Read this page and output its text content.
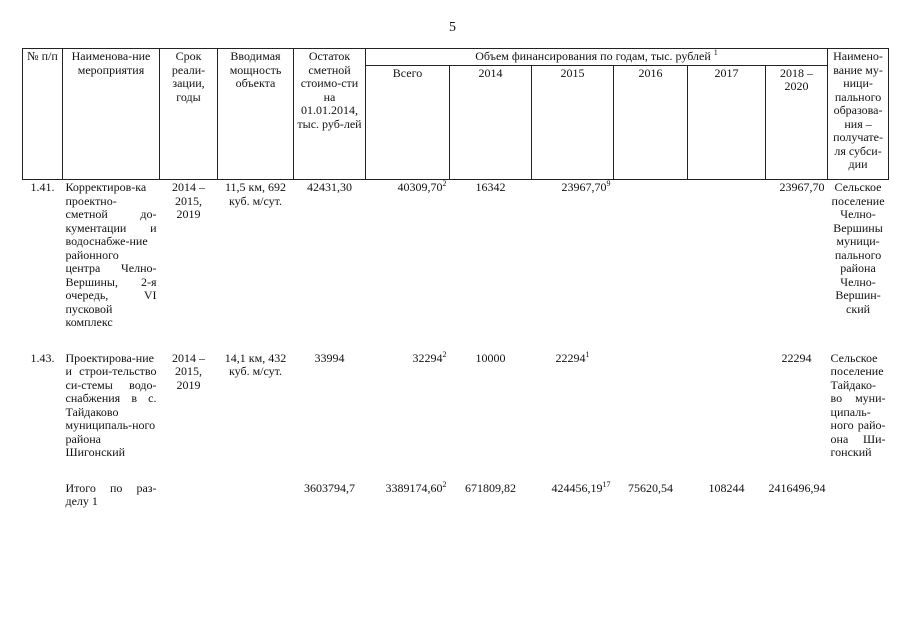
5
№ п/п	Наименова-ние мероприятия	Срок реали-зации, годы	Вводимая мощность объекта	Остаток сметной стоимо-сти на 01.01.2014, тыс. руб-лей	Объем финансирования по годам, тыс. рублей $^1$						Наимено-вание му-ници-пального образова-ния – получате-ля субси-дии
					Всего	2014	2015	2016	2017	2018 – 2020	
1.41.	Корректиров-ка проектно-сметной до-кументации и водоснабже-ние районного центра Челно-Вершины, 2-я очередь, VI пусковой комплекс	2014 – 2015, 2019	11,5 км, 692 куб. м/сут.	42431,30	40309,70$^2$	16342	23967,70$^9$			23967,70	Сельское поселение Челно-Вершины муници-пального района Челно-Вершин-ский

1.43.	Проектирова-ние и строи-тельство си-стемы водо-снабжения в с. Тайдаково муниципаль-ного района Шигонский	2014 – 2015, 2019	14,1 км, 432 куб. м/сут.	33994	32294$^2$	10000	22294$^1$			22294	Сельское поселение Тайдако-во муни-ципаль-ного райо-она Ши-гонский

	Итого по раз-делу 1			3603794,7	3389174,60$^2$	671809,82	424456,19$^{17}$	75620,54	108244	2416496,94	
